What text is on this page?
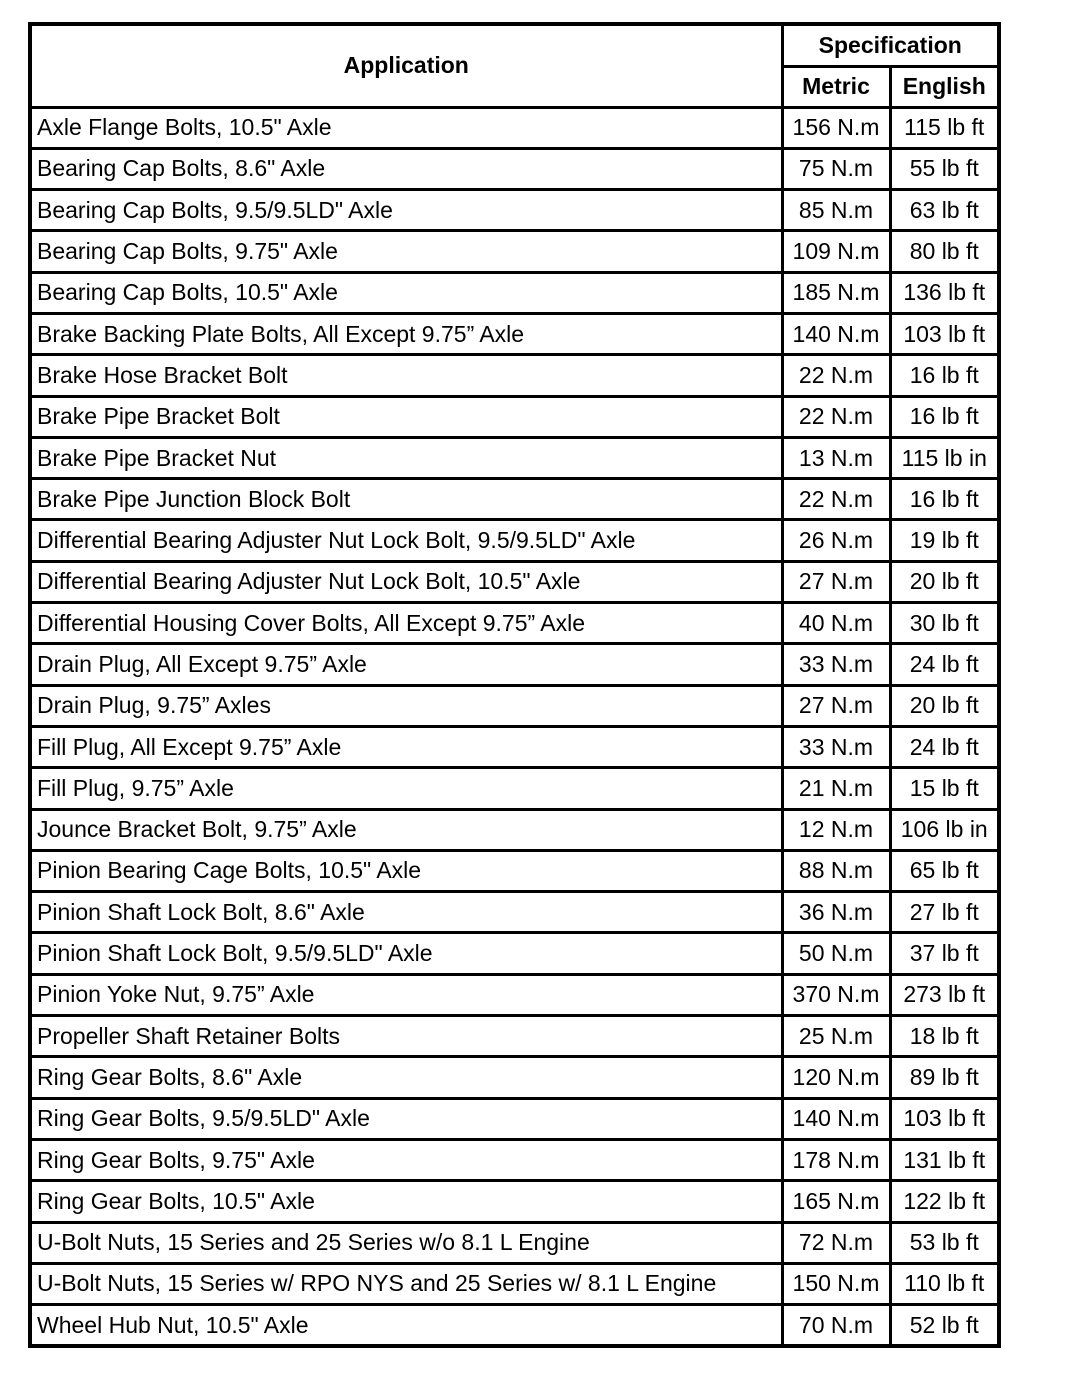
Application	Specification	
	Metric	English
Axle Flange Bolts, 10.5" Axle	156 N.m	115 lb ft
Bearing Cap Bolts, 8.6" Axle	75 N.m	55 lb ft
Bearing Cap Bolts, 9.5/9.5LD" Axle	85 N.m	63 lb ft
Bearing Cap Bolts, 9.75" Axle	109 N.m	80 lb ft
Bearing Cap Bolts, 10.5" Axle	185 N.m	136 lb ft
Brake Backing Plate Bolts, All Except 9.75” Axle	140 N.m	103 lb ft
Brake Hose Bracket Bolt	22 N.m	16 lb ft
Brake Pipe Bracket Bolt	22 N.m	16 lb ft
Brake Pipe Bracket Nut	13 N.m	115 lb in
Brake Pipe Junction Block Bolt	22 N.m	16 lb ft
Differential Bearing Adjuster Nut Lock Bolt, 9.5/9.5LD" Axle	26 N.m	19 lb ft
Differential Bearing Adjuster Nut Lock Bolt, 10.5" Axle	27 N.m	20 lb ft
Differential Housing Cover Bolts, All Except 9.75” Axle	40 N.m	30 lb ft
Drain Plug, All Except 9.75” Axle	33 N.m	24 lb ft
Drain Plug, 9.75” Axles	27 N.m	20 lb ft
Fill Plug, All Except 9.75” Axle	33 N.m	24 lb ft
Fill Plug, 9.75” Axle	21 N.m	15 lb ft
Jounce Bracket Bolt, 9.75” Axle	12 N.m	106 lb in
Pinion Bearing Cage Bolts, 10.5" Axle	88 N.m	65 lb ft
Pinion Shaft Lock Bolt, 8.6" Axle	36 N.m	27 lb ft
Pinion Shaft Lock Bolt, 9.5/9.5LD" Axle	50 N.m	37 lb ft
Pinion Yoke Nut, 9.75” Axle	370 N.m	273 lb ft
Propeller Shaft Retainer Bolts	25 N.m	18 lb ft
Ring Gear Bolts, 8.6" Axle	120 N.m	89 lb ft
Ring Gear Bolts, 9.5/9.5LD" Axle	140 N.m	103 lb ft
Ring Gear Bolts, 9.75" Axle	178 N.m	131 lb ft
Ring Gear Bolts, 10.5" Axle	165 N.m	122 lb ft
U-Bolt Nuts, 15 Series and 25 Series w/o 8.1 L Engine	72 N.m	53 lb ft
U-Bolt Nuts, 15 Series w/ RPO NYS and 25 Series w/ 8.1 L Engine	150 N.m	110 lb ft
Wheel Hub Nut, 10.5" Axle	70 N.m	52 lb ft
